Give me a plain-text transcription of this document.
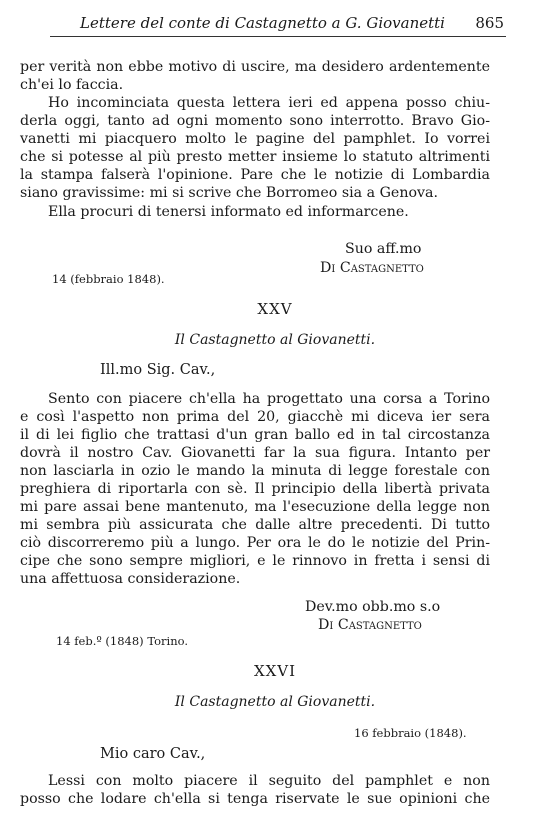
Lettere del conte di Castagnetto a G. Giovanetti 865
per verità non ebbe motivo di uscire, ma desidero ardentemente
ch'ei lo faccia.
Ho incominciata questa lettera ieri ed appena posso chiu-
derla oggi, tanto ad ogni momento sono interrotto. Bravo Gio-
vanetti mi piacquero molto le pagine del pamphlet. Io vorrei
che si potesse al più presto metter insieme lo statuto altrimenti
la stampa falserà l'opinione. Pare che le notizie di Lombardia
siano gravissime: mi si scrive che Borromeo sia a Genova.
Ella procuri di tenersi informato ed informarcene.
Suo aff.mo
Di Castagnetto
14 (febbraio 1848).
XXV
Il Castagnetto al Giovanetti.
Ill.mo Sig. Cav.,
Sento con piacere ch'ella ha progettato una corsa a Torino
e così l'aspetto non prima del 20, giacchè mi diceva ier sera
il di lei figlio che trattasi d'un gran ballo ed in tal circostanza
dovrà il nostro Cav. Giovanetti far la sua figura. Intanto per
non lasciarla in ozio le mando la minuta di legge forestale con
preghiera di riportarla con sè. Il principio della libertà privata
mi pare assai bene mantenuto, ma l'esecuzione della legge non
mi sembra più assicurata che dalle altre precedenti. Di tutto
ciò discorreremo più a lungo. Per ora le do le notizie del Prin-
cipe che sono sempre migliori, e le rinnovo in fretta i sensi di
una affettuosa considerazione.
Dev.mo obb.mo s.o
Di Castagnetto
14 feb.º (1848) Torino.
XXVI
Il Castagnetto al Giovanetti.
16 febbraio (1848).
Mio caro Cav.,
Lessi con molto piacere il seguito del pamphlet e non
posso che lodare ch'ella si tenga riservate le sue opinioni che
